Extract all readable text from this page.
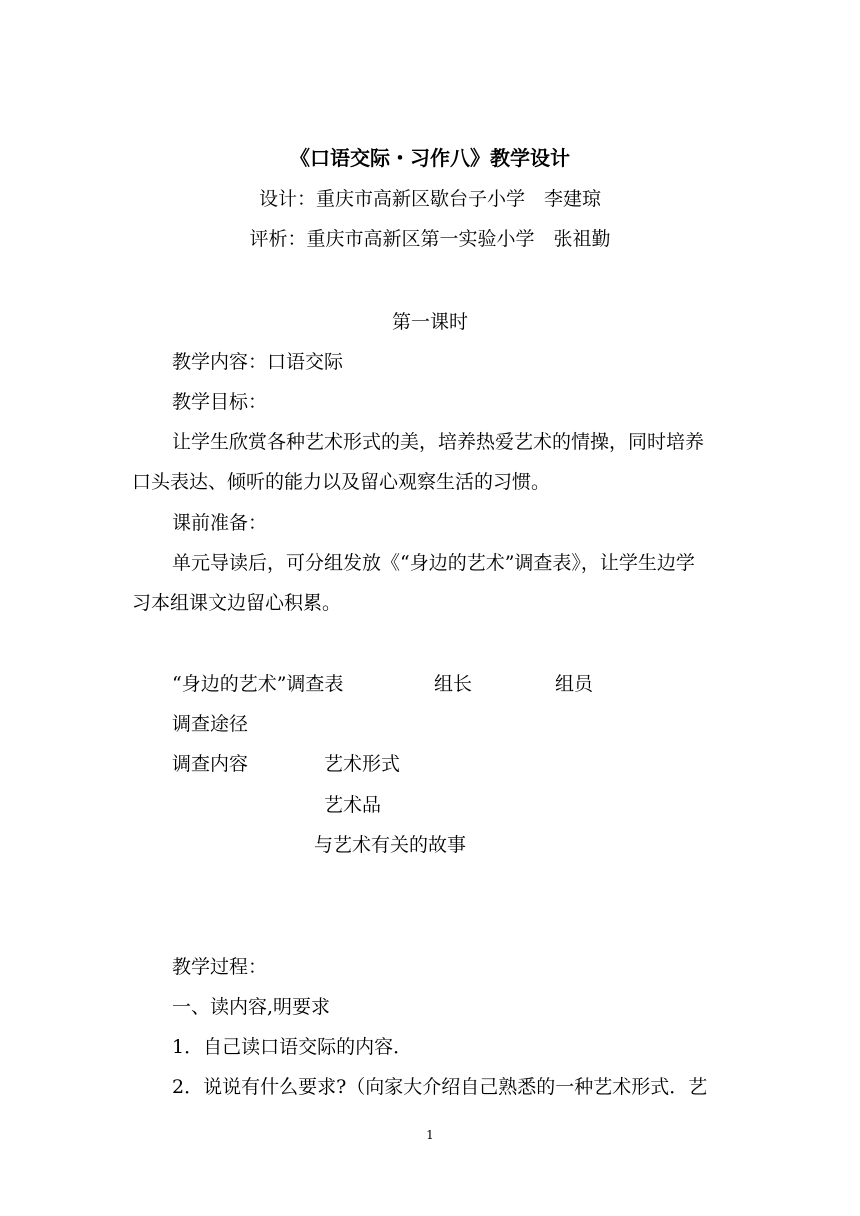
《口语交际・习作八》教学设计
设计：重庆市高新区歇台子小学　李建琼
评析：重庆市高新区第一实验小学　张祖勤
第一课时
教学内容：口语交际
教学目标：
让学生欣赏各种艺术形式的美，培养热爱艺术的情操，同时培养
口头表达、倾听的能力以及留心观察生活的习惯。
课前准备：
单元导读后，可分组发放《“身边的艺术”调查表》，让学生边学
习本组课文边留心积累。
“身边的艺术”调查表	组长	组员
调查途径
调查内容	艺术形式
艺术品
与艺术有关的故事
教学过程：
一、读内容,明要求
1．自己读口语交际的内容．
2．说说有什么要求?（向家大介绍自己熟悉的一种艺术形式．艺
1
